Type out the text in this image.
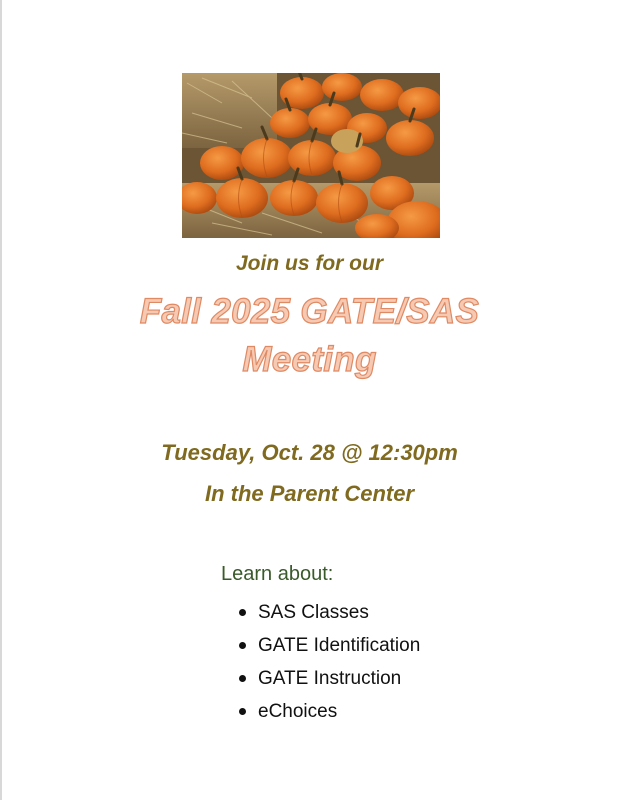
Join us for our
Fall 2025 GATE/SAS
Meeting
Tuesday, Oct. 28 @ 12:30pm
In the Parent Center
Learn about:
SAS Classes
GATE Identification
GATE Instruction
eChoices
